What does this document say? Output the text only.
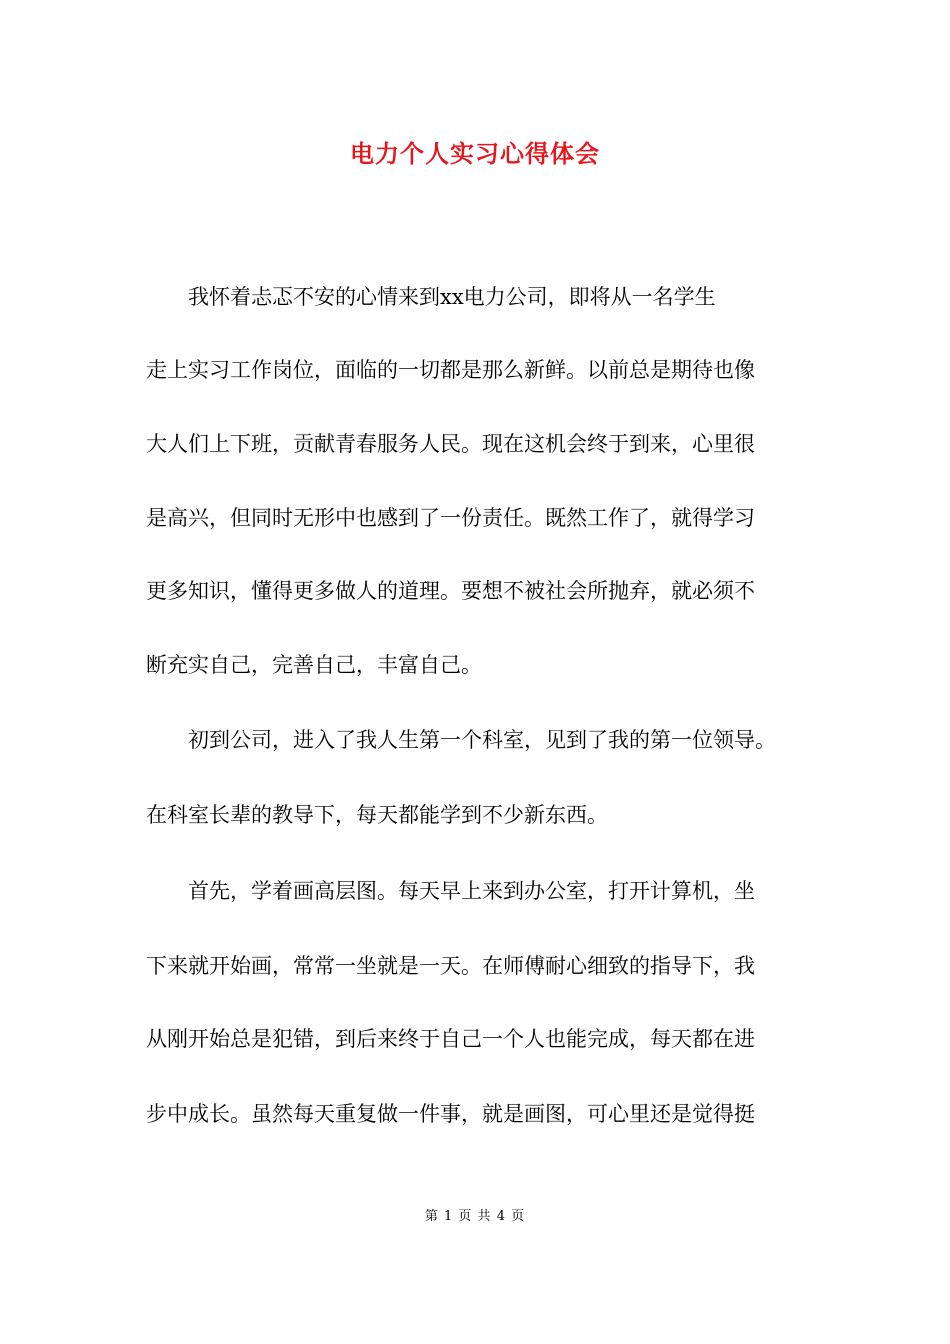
电力个人实习心得体会
　　我怀着忐忑不安的心情来到xx电力公司，即将从一名学生
走上实习工作岗位，面临的一切都是那么新鲜。以前总是期待也像
大人们上下班，贡献青春服务人民。现在这机会终于到来，心里很
是高兴，但同时无形中也感到了一份责任。既然工作了，就得学习
更多知识，懂得更多做人的道理。要想不被社会所抛弃，就必须不
断充实自己，完善自己，丰富自己。
　　初到公司，进入了我人生第一个科室，见到了我的第一位领导。
在科室长辈的教导下，每天都能学到不少新东西。
　　首先，学着画高层图。每天早上来到办公室，打开计算机，坐
下来就开始画，常常一坐就是一天。在师傅耐心细致的指导下，我
从刚开始总是犯错，到后来终于自己一个人也能完成，每天都在进
步中成长。虽然每天重复做一件事，就是画图，可心里还是觉得挺
第 1 页 共 4 页
